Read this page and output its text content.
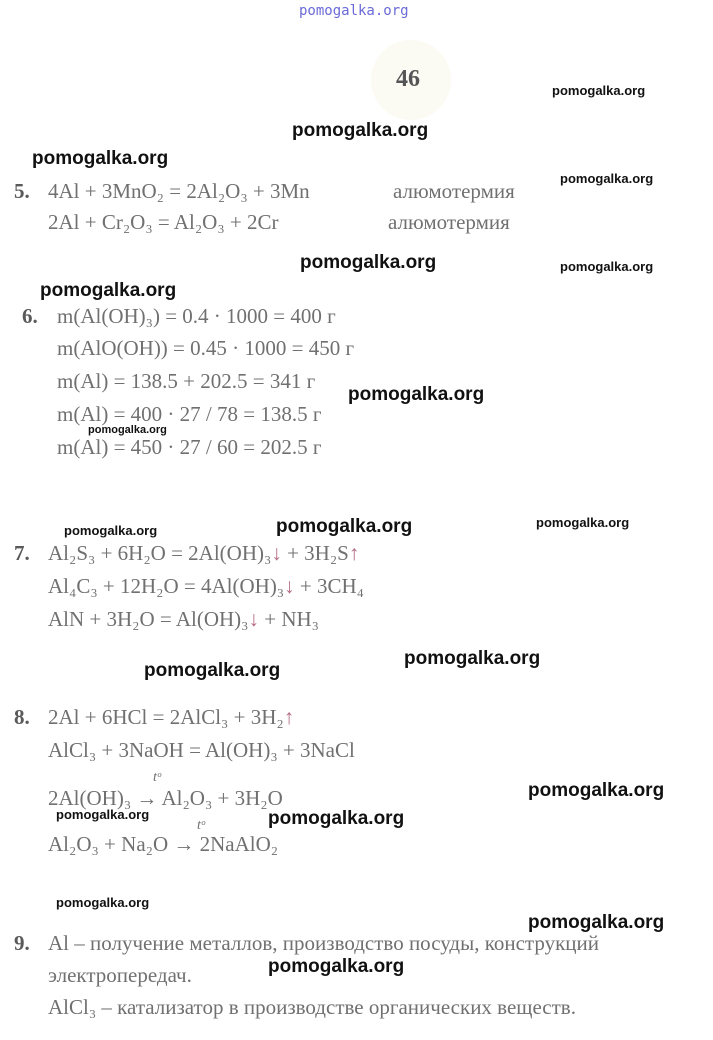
pomogalka.org
46
5. 4Al + 3MnO₂ = 2Al₂O₃ + 3Mn	алюмотермия
2Al + Cr₂O₃ = Al₂O₃ + 2Cr	алюмотермия
6. m(Al(OH)₃) = 0.4 · 1000 = 400 г
m(AlO(OH)) = 0.45 · 1000 = 450 г
m(Al) = 138.5 + 202.5 = 341 г
m(Al) = 400 · 27 / 78 = 138.5 г
m(Al) = 450 · 27 / 60 = 202.5 г
7. Al₂S₃ + 6H₂O = 2Al(OH)₃↓ + 3H₂S↑
Al₄C₃ + 12H₂O = 4Al(OH)₃↓ + 3CH₄
AlN + 3H₂O = Al(OH)₃↓ + NH₃
8. 2Al + 6HCl = 2AlCl₃ + 3H₂↑
AlCl₃ + 3NaOH = Al(OH)₃ + 3NaCl
tᵒ
2Al(OH)₃ → Al₂O₃ + 3H₂O
tᵒ
Al₂O₃ + Na₂O → 2NaAlO₂
9. Al – получение металлов, производство посуды, конструкций
электропередач.
AlCl₃ – катализатор в производстве органических веществ.
pomogalka.org
pomogalka.org
pomogalka.org
pomogalka.org
pomogalka.org	pomogalka.org
pomogalka.org
pomogalka.org
pomogalka.org
pomogalka.org	pomogalka.org
pomogalka.org
pomogalka.org
pomogalka.org
pomogalka.org
pomogalka.org	pomogalka.org
pomogalka.org
pomogalka.org
pomogalka.org
